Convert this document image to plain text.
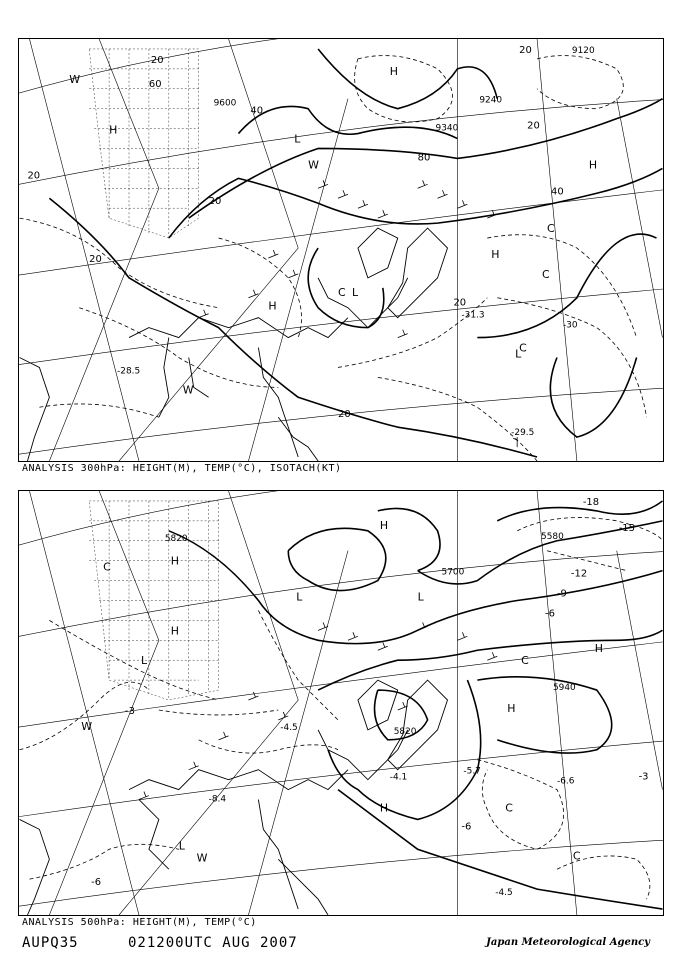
9120
9600	9240
9340
20
40
60
80
20
40
20
20
20
20
20
20
H
H
H
H
H
L
L
L
C
C
C
C
W
W
W
-31.3
-29.5
-28.5
-30
ANALYSIS 300hPa: HEIGHT(M), TEMP(°C), ISOTACH(KT)
5820
5700
5580
5940
5820
-3
-6
-6
-9
-12
-15
-18
-3
-6
H
H
H
H
H
H
L	L
L
L
C
C
C
C
W
W
-5.7
-4.5
-6.6
-8.4
-4.1
-4.5
ANALYSIS 500hPa: HEIGHT(M), TEMP(°C)
AUPQ35	021200UTC AUG 2007	Japan Meteorological Agency
